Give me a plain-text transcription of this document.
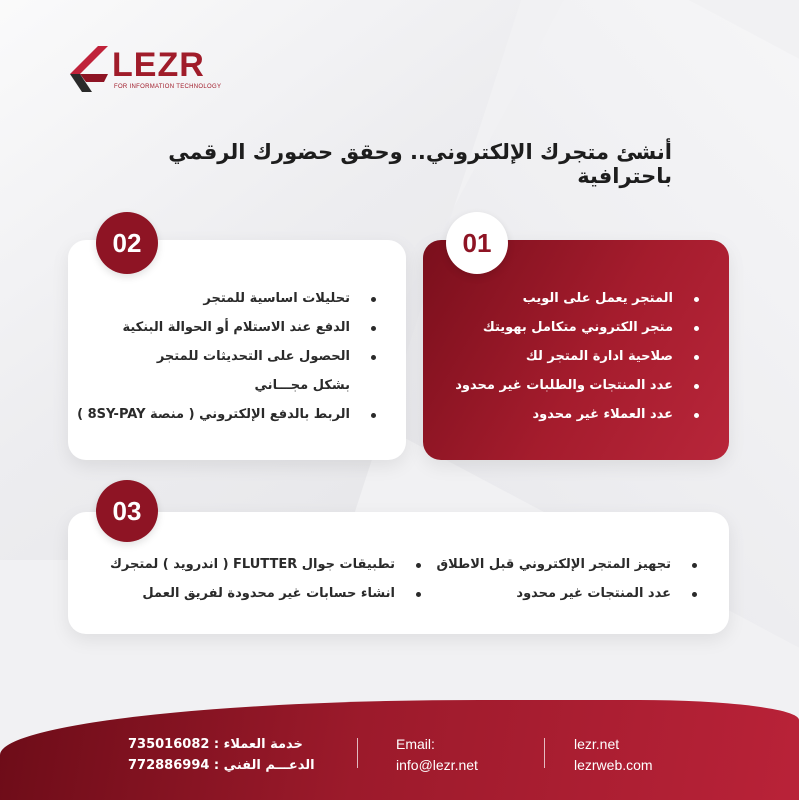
LEZR
FOR INFORMATION TECHNOLOGY
أنشئ متجرك الإلكتروني.. وحقق حضورك الرقمي باحترافية
المتجر يعمل على الويب
متجر الكتروني متكامل بهويتك
صلاحية ادارة المتجر لك
عدد المنتجات والطلبات غير محدود
عدد العملاء غير محدود
01
تحليلات اساسية للمتجر
الدفع عند الاستلام أو الحوالة البنكية
الحصول على التحديثات للمتجر
بشكل مجـــاني
الربط بالدفع الإلكتروني ( منصة 8SY-PAY )
02
تجهيز المتجر الإلكتروني قبل الاطلاق
عدد المنتجات غير محدود
تطبيقات جوال FLUTTER ( اندرويد ) لمتجرك
انشاء حسابات غير محدودة لفريق العمل
03
lezr.net
lezrweb.com
Email:
info@lezr.net
735016082 : خدمة العملاء
772886994 : الدعـــم الفني
